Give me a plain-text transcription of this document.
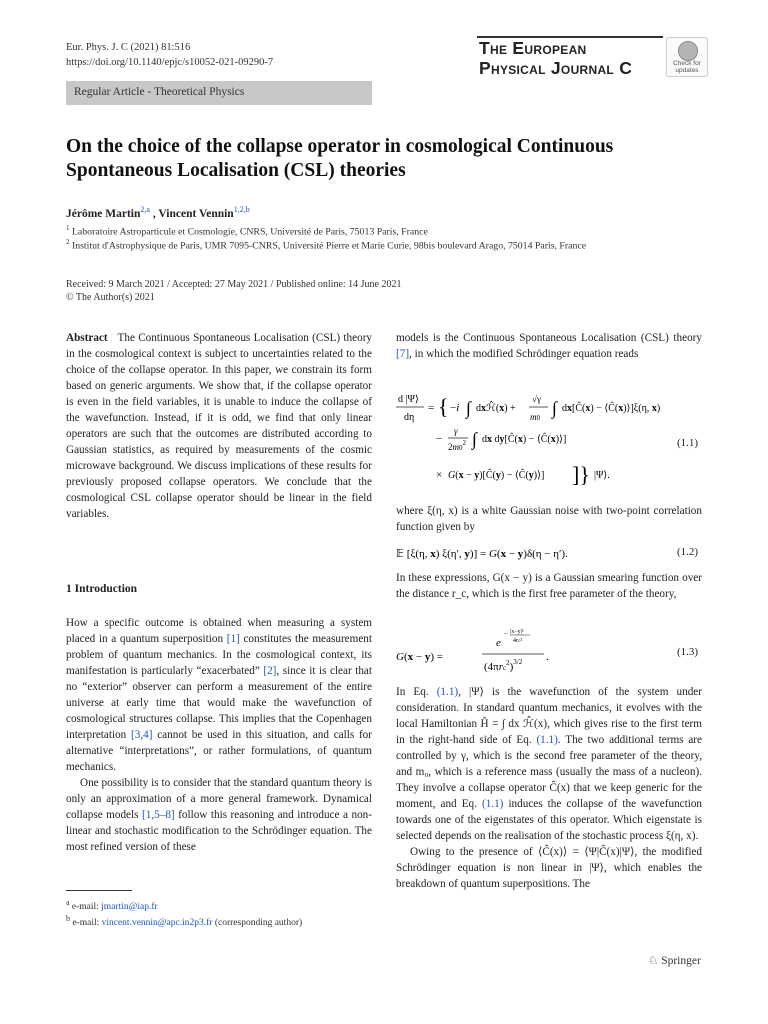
Eur. Phys. J. C (2021) 81:516
https://doi.org/10.1140/epjc/s10052-021-09290-7
The European
Physical Journal C	Check for
updates
Regular Article - Theoretical Physics
On the choice of the collapse operator in cosmological Continuous Spontaneous Localisation (CSL) theories
Jérôme Martin$^{2,a}$ , Vincent Vennin$^{1,2,b}$
$^1$ Laboratoire Astroparticule et Cosmologie, CNRS, Université de Paris, 75013 Paris, France
$^2$ Institut d'Astrophysique de Paris, UMR 7095-CNRS, Université Pierre et Marie Curie, 98bis boulevard Arago, 75014 Paris, France
Received: 9 March 2021 / Accepted: 27 May 2021 / Published online: 14 June 2021
© The Author(s) 2021

Abstract The Continuous Spontaneous Localisation (CSL) theory in the cosmological context is subject to uncertainties related to the choice of the collapse operator. In this paper, we constrain its form based on generic arguments. We show that, if the collapse operator is even in the field variables, it is unable to induce the collapse of the wavefunction. Instead, if it is odd, we find that only linear operators are such that the outcomes are distributed according to Gaussian statistics, as required by measurements of the cosmic microwave background. We discuss implications of these results for previously proposed collapse operators. We conclude that the cosmological CSL collapse operator should be linear in the field variables.

1 Introduction

How a specific outcome is obtained when measuring a system placed in a quantum superposition [1] constitutes the measurement problem of quantum mechanics. In the cosmological context, its manifestation is particularly “exacerbated” [2], since it is clear that no “exterior” observer can perform a measurement of the entire universe at early time that would make the wavefunction of cosmological structures collapse. This implies that the Copenhagen interpretation [3,4] cannot be used in this situation, and calls for alternative “interpretations”, or rather formulations, of quantum mechanics.

One possibility is to consider that the standard quantum theory is only an approximation of a more general framework. Dynamical collapse models [1,5–8] follow this reasoning and introduce a non-linear and stochastic modification to the Schrödinger equation. The most refined version of these

$^a$ e-mail: jmartin@iap.fr
$^b$ e-mail: vincent.vennin@apc.in2p3.fr (corresponding author)

models is the Continuous Spontaneous Localisation (CSL) theory [7], in which the modified Schrödinger equation reads

d |Ψ⟩
dη
= { −i ∫ dxℋ̂(x) +
√γ
m0 ∫ dx[Ĉ(x) − ⟨Ĉ(x)⟩]ξ(η, x)
−
γ
$2m0^2$ ∫ dx dy[Ĉ(x) − ⟨Ĉ(x)⟩]
× G(x − y)[Ĉ(y) − ⟨Ĉ(y)⟩] ]} |Ψ⟩.
(1.1)
where ξ(η, x) is a white Gaussian noise with two-point correlation function given by
𝔼 [ξ(η, x) ξ(η′, y)] = G(x − y)δ(η − η′).	(1.2)
In these expressions, G(x − y) is a Gaussian smearing function over the distance r_c, which is the first free parameter of the theory,
G(x − y) =
e
− |x−y|²
4rc²
$(4\pi rc^2)^{3/2}$ .	(1.3)

In Eq. (1.1), |Ψ⟩ is the wavefunction of the system under consideration. In standard quantum mechanics, it evolves with the local Hamiltonian Ĥ = ∫ dx ℋ̂(x), which gives rise to the first term in the right-hand side of Eq. (1.1). The two additional terms are controlled by γ, which is the second free parameter of the theory, and m₀, which is a reference mass (usually the mass of a nucleon). They involve a collapse operator Ĉ(x) that we keep generic for the moment, and Eq. (1.1) induces the collapse of the wavefunction towards one of the eigenstates of this operator. Which eigenstate is selected depends on the realisation of the stochastic process ξ(η, x).

Owing to the presence of ⟨Ĉ(x)⟩ = ⟨Ψ|Ĉ(x)|Ψ⟩, the modified Schrödinger equation is non linear in |Ψ⟩, which enables the breakdown of quantum superpositions. The

♘ Springer
